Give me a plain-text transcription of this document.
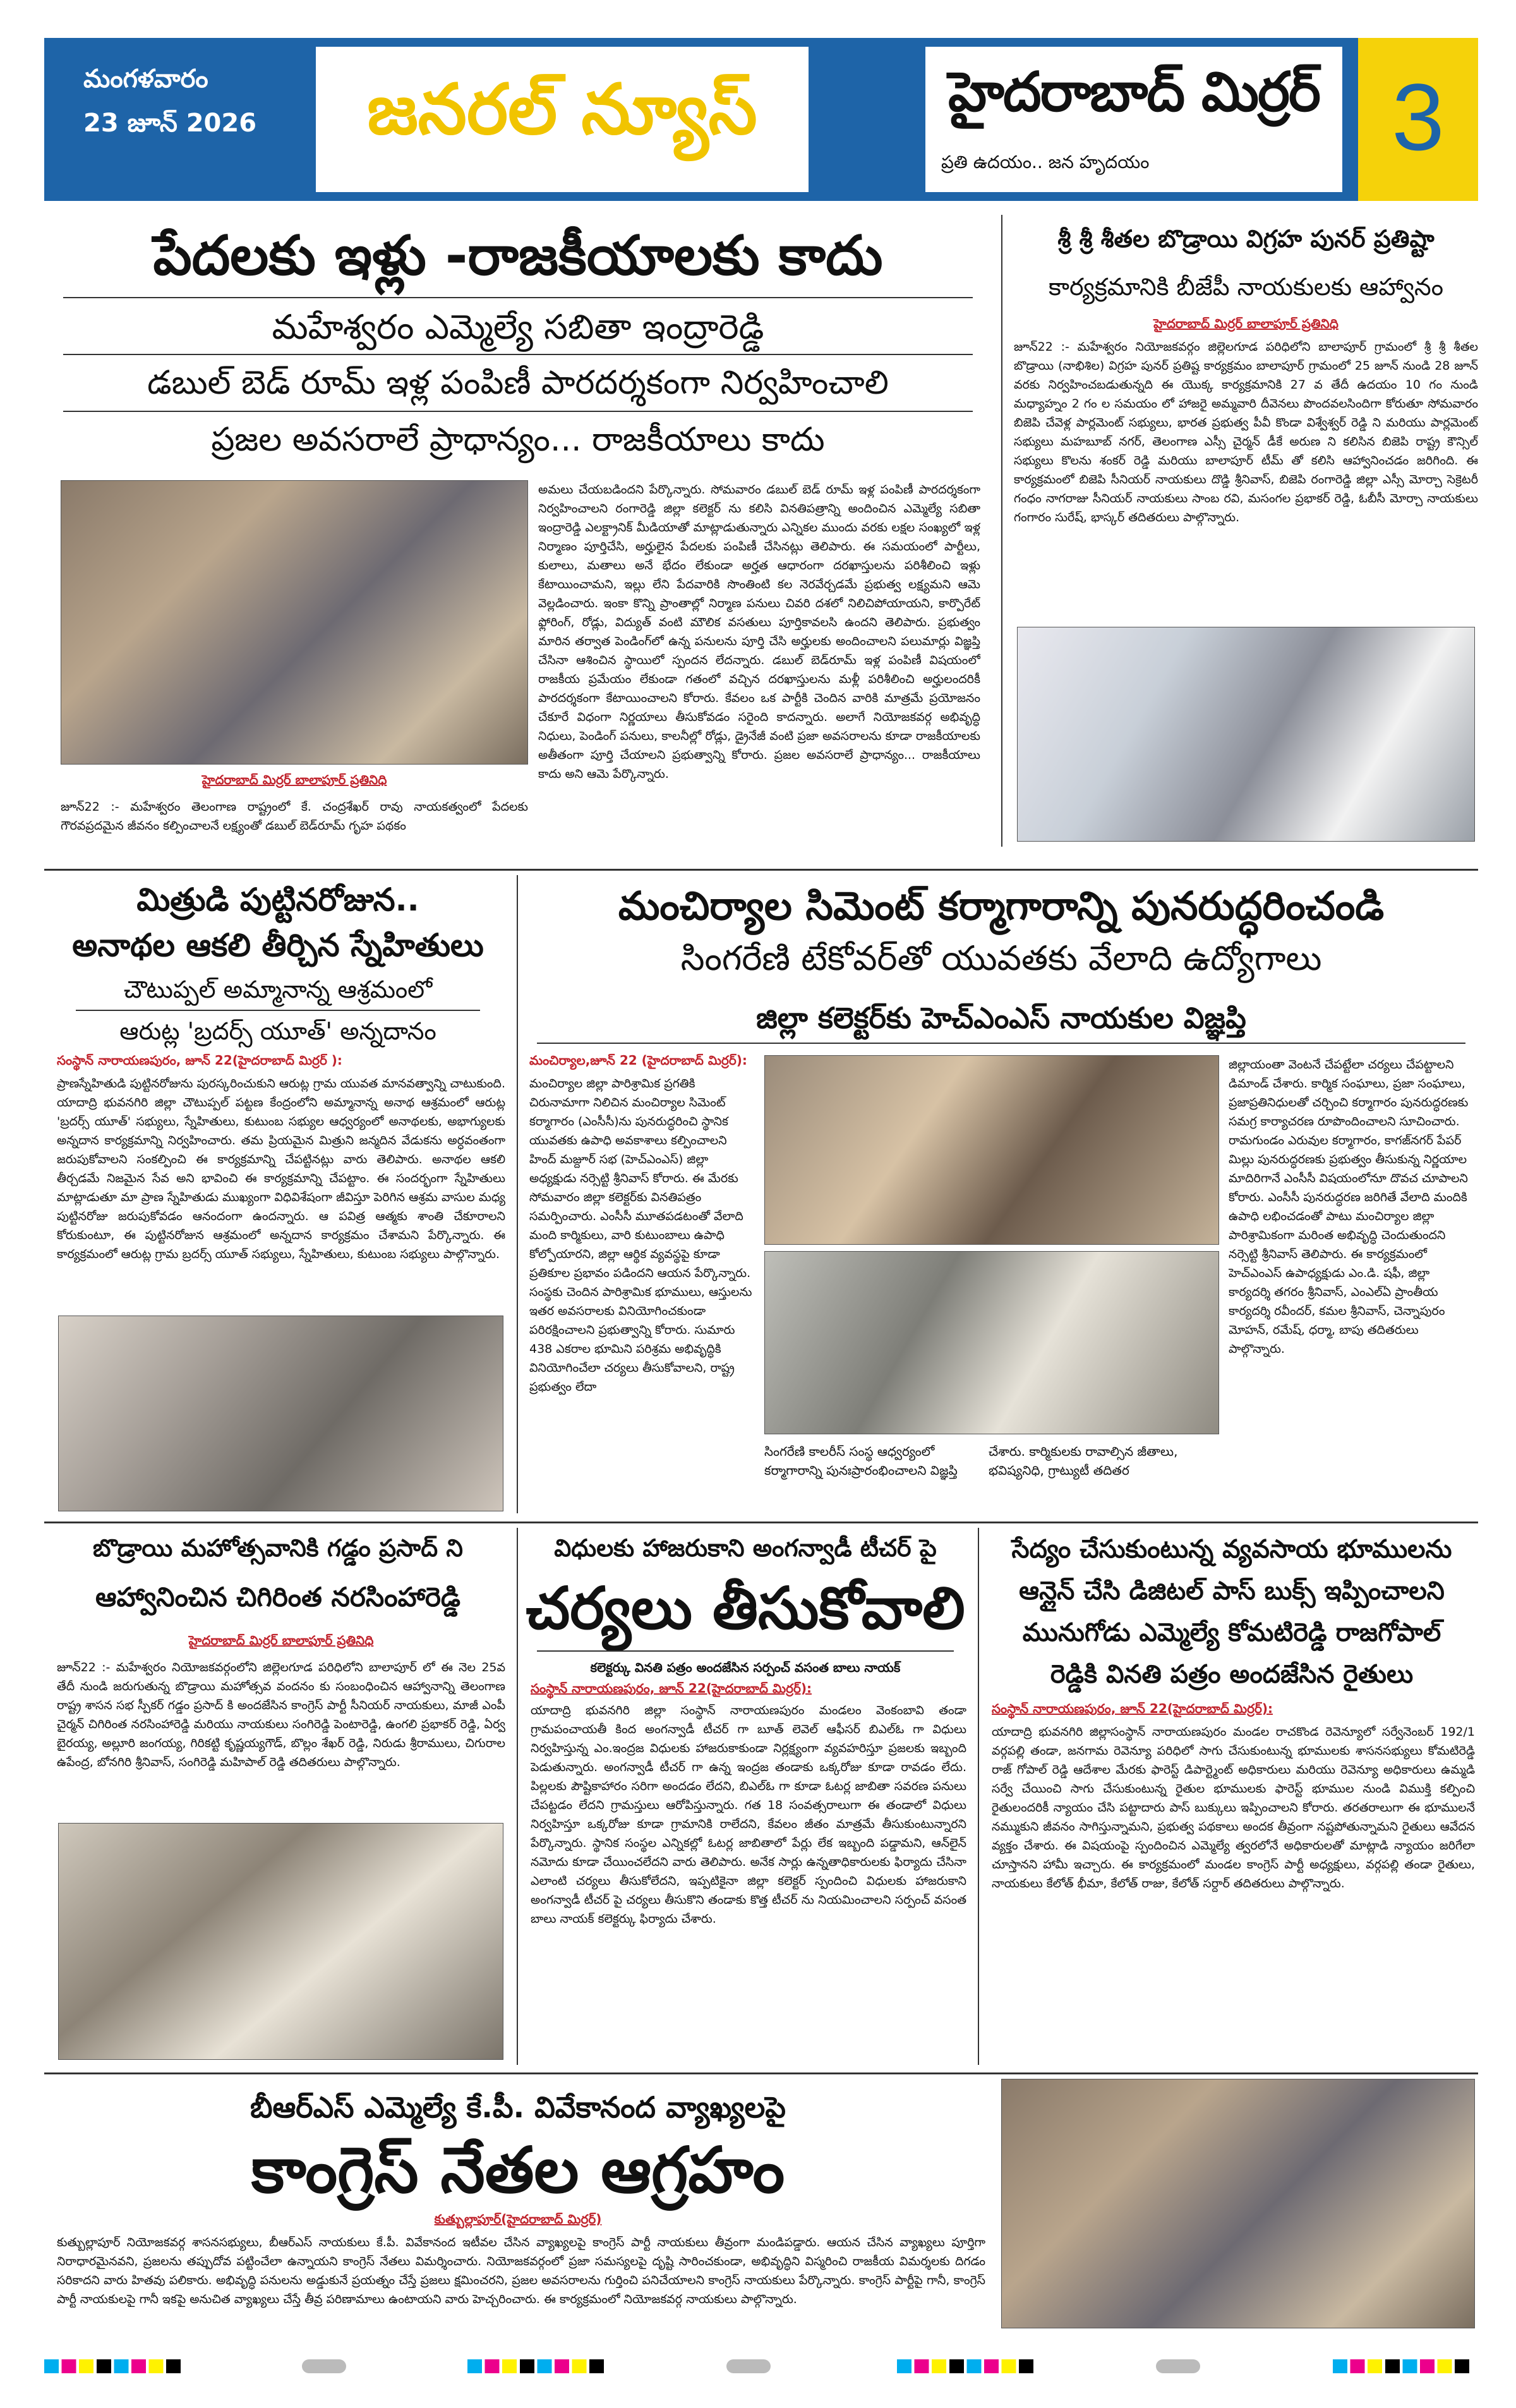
మంగళవారం
23 జూన్ 2026	జనరల్ న్యూస్	హైదరాబాద్ మిర్రర్
ప్రతి ఉదయం.. జన హృదయం	3
పేదలకు ఇళ్లు -రాజకీయాలకు కాదు
మహేశ్వరం ఎమ్మెల్యే సబితా ఇంద్రారెడ్డి
డబుల్ బెడ్ రూమ్ ఇళ్ల పంపిణీ పారదర్శకంగా నిర్వహించాలి
ప్రజల అవసరాలే ప్రాధాన్యం... రాజకీయాలు కాదు
హైదరాబాద్ మిర్రర్ బాలాపూర్ ప్రతినిధి
జూన్22 :- మహేశ్వరం తెలంగాణ రాష్ట్రంలో కే. చంద్రశేఖర్ రావు నాయకత్వంలో పేదలకు గౌరవప్రదమైన జీవనం కల్పించాలనే లక్ష్యంతో డబుల్ బెడ్‌రూమ్ గృహ పథకం
అమలు చేయబడిందని పేర్కొన్నారు. సోమవారం డబుల్ బెడ్ రూమ్ ఇళ్ల పంపిణీ పారదర్శకంగా నిర్వహించాలని రంగారెడ్డి జిల్లా కలెక్టర్ ను కలిసి వినతిపత్రాన్ని అందించిన ఎమ్మెల్యే సబితా ఇంద్రారెడ్డి ఎలక్ట్రానిక్ మీడియాతో మాట్లాడుతున్నారు ఎన్నికల ముందు వరకు లక్షల సంఖ్యలో ఇళ్ల నిర్మాణం పూర్తిచేసి, అర్హులైన పేదలకు పంపిణీ చేసినట్లు తెలిపారు. ఈ సమయంలో పార్టీలు, కులాలు, మతాలు అనే భేదం లేకుండా అర్హత ఆధారంగా దరఖాస్తులను పరిశీలించి ఇళ్లు కేటాయించామని, ఇల్లు లేని పేదవారికి సొంతింటి కల నెరవేర్చడమే ప్రభుత్వ లక్ష్యమని ఆమె వెల్లడించారు. ఇంకా కొన్ని ప్రాంతాల్లో నిర్మాణ పనులు చివరి దశలో నిలిచిపోయాయని, కార్పొరేట్ ఫ్లోరింగ్, రోడ్లు, విద్యుత్ వంటి మౌలిక వసతులు పూర్తికావలసి ఉందని తెలిపారు. ప్రభుత్వం మారిన తర్వాత పెండింగ్‌లో ఉన్న పనులను పూర్తి చేసి అర్హులకు అందించాలని పలుమార్లు విజ్ఞప్తి చేసినా ఆశించిన స్థాయిలో స్పందన లేదన్నారు. డబుల్ బెడ్‌రూమ్ ఇళ్ల పంపిణీ విషయంలో రాజకీయ ప్రమేయం లేకుండా గతంలో వచ్చిన దరఖాస్తులను మళ్లీ పరిశీలించి అర్హులందరికీ పారదర్శకంగా కేటాయించాలని కోరారు. కేవలం ఒక పార్టీకి చెందిన వారికి మాత్రమే ప్రయోజనం చేకూరే విధంగా నిర్ణయాలు తీసుకోవడం సరైంది కాదన్నారు. అలాగే నియోజకవర్గ అభివృద్ధి నిధులు, పెండింగ్ పనులు, కాలనీల్లో రోడ్లు, డ్రైనేజీ వంటి ప్రజా అవసరాలను కూడా రాజకీయాలకు అతీతంగా పూర్తి చేయాలని ప్రభుత్వాన్ని కోరారు. ప్రజల అవసరాలే ప్రాధాన్యం... రాజకీయాలు కాదు అని ఆమె పేర్కొన్నారు.
శ్రీ శ్రీ శీతల బొడ్రాయి విగ్రహ పునర్ ప్రతిష్టా
కార్యక్రమానికి బీజేపీ నాయకులకు ఆహ్వానం
హైదరాబాద్ మిర్రర్ బాలాపూర్ ప్రతినిధి
జూన్22 :- మహేశ్వరం నియోజకవర్గం జిల్లెలగూడ పరిధిలోని బాలాపూర్ గ్రామంలో శ్రీ శ్రీ శీతల బొడ్రాయి (నాభిశిల) విగ్రహ పునర్ ప్రతిష్ట కార్యక్రమం బాలాపూర్ గ్రామంలో 25 జూన్ నుండి 28 జూన్ వరకు నిర్వహించబడుతున్నది ఈ యొక్క కార్యక్రమానికి 27 వ తేదీ ఉదయం 10 గం నుండి మధ్యాహ్నం 2 గం ల సమయం లో హాజరై అమ్మవారి దీవెనలు పొందవలసిందిగా కోరుతూ సోమవారం బిజెపి చేవెళ్ల పార్లమెంట్ సభ్యులు, భారత ప్రభుత్వ పీవీ కొండా విశ్వేశ్వర్ రెడ్డి ని మరియు పార్లమెంట్ సభ్యులు మహబూబ్ నగర్, తెలంగాణ ఎస్సీ చైర్మన్ డీకే అరుణ ని కలిసిన బిజెపి రాష్ట్ర కౌన్సిల్ సభ్యులు కొలను శంకర్ రెడ్డి మరియు బాలాపూర్ టీమ్ తో కలిసి ఆహ్వానించడం జరిగింది. ఈ కార్యక్రమంలో బిజెపి సీనియర్ నాయకులు దొడ్డి శ్రీనివాస్, బిజెపి రంగారెడ్డి జిల్లా ఎస్సీ మోర్చా సెక్రెటరీ గంధం నాగరాజు సీనియర్ నాయకులు సాంబ రవి, మసంగల ప్రభాకర్ రెడ్డి, ఓబీసీ మోర్చా నాయకులు గంగారం సురేష్, భాస్కర్ తదితరులు పాల్గొన్నారు.
మిత్రుడి పుట్టినరోజున..
అనాథల ఆకలి తీర్చిన స్నేహితులు
చౌటుప్పల్ అమ్మానాన్న ఆశ్రమంలో
ఆరుట్ల 'బ్రదర్స్ యూత్' అన్నదానం
సంస్థాన్ నారాయణపురం, జూన్ 22(హైదరాబాద్ మిర్రర్ ):
ప్రాణస్నేహితుడి పుట్టినరోజును పురస్కరించుకుని ఆరుట్ల గ్రామ యువత మానవత్వాన్ని చాటుకుంది. యాదాద్రి భువనగిరి జిల్లా చౌటుప్పల్ పట్టణ కేంద్రంలోని అమ్మానాన్న అనాథ ఆశ్రమంలో ఆరుట్ల 'బ్రదర్స్ యూత్' సభ్యులు, స్నేహితులు, కుటుంబ సభ్యుల ఆధ్వర్యంలో అనాథలకు, అభాగ్యులకు అన్నదాన కార్యక్రమాన్ని నిర్వహించారు. తమ ప్రియమైన మిత్రుని జన్మదిన వేడుకను అర్ధవంతంగా జరుపుకోవాలని సంకల్పించి ఈ కార్యక్రమాన్ని చేపట్టినట్లు వారు తెలిపారు. అనాథల ఆకలి తీర్చడమే నిజమైన సేవ అని భావించి ఈ కార్యక్రమాన్ని చేపట్టాం. ఈ సందర్భంగా స్నేహితులు మాట్లాడుతూ మా ప్రాణ స్నేహితుడు ముఖ్యంగా విధివిశేషంగా జీవిస్తూ పెరిగిన ఆశ్రమ వాసుల మధ్య పుట్టినరోజు జరుపుకోవడం ఆనందంగా ఉందన్నారు. ఆ పవిత్ర ఆత్మకు శాంతి చేకూరాలని కోరుకుంటూ, ఈ పుట్టినరోజున ఆశ్రమంలో అన్నదాన కార్యక్రమం చేశామని పేర్కొన్నారు. ఈ కార్యక్రమంలో ఆరుట్ల గ్రామ బ్రదర్స్ యూత్ సభ్యులు, స్నేహితులు, కుటుంబ సభ్యులు పాల్గొన్నారు.
మంచిర్యాల సిమెంట్ కర్మాగారాన్ని పునరుద్ధరించండి
సింగరేణి టేకోవర్‌తో యువతకు వేలాది ఉద్యోగాలు
జిల్లా కలెక్టర్‌కు హెచ్‌ఎంఎస్ నాయకుల విజ్ఞప్తి
మంచిర్యాల,జూన్ 22 (హైదరాబాద్ మిర్రర్):
మంచిర్యాల జిల్లా పారిశ్రామిక ప్రగతికి చిరునామాగా నిలిచిన మంచిర్యాల సిమెంట్ కర్మాగారం (ఎంసీసీ)ను పునరుద్ధరించి స్థానిక యువతకు ఉపాధి అవకాశాలు కల్పించాలని హింద్ మజ్దూర్ సభ (హెచ్‌ఎంఎస్) జిల్లా అధ్యక్షుడు నర్సెట్టి శ్రీనివాస్ కోరారు. ఈ మేరకు సోమవారం జిల్లా కలెక్టర్‌కు వినతిపత్రం సమర్పించారు. ఎంసీసీ మూతపడటంతో వేలాది మంది కార్మికులు, వారి కుటుంబాలు ఉపాధి కోల్పోయారని, జిల్లా ఆర్థిక వ్యవస్థపై కూడా ప్రతికూల ప్రభావం పడిందని ఆయన పేర్కొన్నారు. సంస్థకు చెందిన పారిశ్రామిక భూములు, ఆస్తులను ఇతర అవసరాలకు వినియోగించకుండా పరిరక్షించాలని ప్రభుత్వాన్ని కోరారు. సుమారు 438 ఎకరాల భూమిని పరిశ్రమ అభివృద్ధికి వినియోగించేలా చర్యలు తీసుకోవాలని, రాష్ట్ర ప్రభుత్వం లేదా
సింగరేణి కాలరీస్ సంస్థ ఆధ్వర్యంలో కర్మాగారాన్ని పునఃప్రారంభించాలని విజ్ఞప్తి
చేశారు. కార్మికులకు రావాల్సిన జీతాలు, భవిష్యనిధి, గ్రాట్యుటీ తదితర
జిల్లాయంతా వెంటనే చేపట్టేలా చర్యలు చేపట్టాలని డిమాండ్ చేశారు. కార్మిక సంఘాలు, ప్రజా సంఘాలు, ప్రజాప్రతినిధులతో చర్చించి కర్మాగారం పునరుద్ధరణకు సమగ్ర కార్యాచరణ రూపొందించాలని సూచించారు. రామగుండం ఎరువుల కర్మాగారం, కాగజ్‌నగర్ పేపర్ మిల్లు పునరుద్ధరణకు ప్రభుత్వం తీసుకున్న నిర్ణయాల మాదిరిగానే ఎంసీసీ విషయంలోనూ దొవచ చూపాలని కోరారు. ఎంసీసీ పునరుద్ధరణ జరిగితే వేలాది మందికి ఉపాధి లభించడంతో పాటు మంచిర్యాల జిల్లా పారిశ్రామికంగా మరింత అభివృద్ధి చెందుతుందని నర్సెట్టి శ్రీనివాస్ తెలిపారు. ఈ కార్యక్రమంలో హెచ్ఎంఎస్ ఉపాధ్యక్షుడు ఎం.డి. షఫీ, జిల్లా కార్యదర్శి తగరం శ్రీనివాస్, ఎంఎల్ఏ ప్రాంతీయ కార్యదర్శి రవీందర్, కమల శ్రీనివాస్, చెన్నాపురం మోహన్, రమేష్, ధర్మా, బాపు తదితరులు పాల్గొన్నారు.
బొడ్రాయి మహోత్సవానికి గడ్డం ప్రసాద్ ని
ఆహ్వానించిన చిగిరింత నరసింహారెడ్డి
హైదరాబాద్ మిర్రర్ బాలాపూర్ ప్రతినిధి
జూన్22 :- మహేశ్వరం నియోజకవర్గంలోని జిల్లెలగూడ పరిధిలోని బాలాపూర్ లో ఈ నెల 25వ తేదీ నుండి జరుగుతున్న బొడ్రాయి మహోత్సవ వందనం కు సంబంధించిన ఆహ్వానాన్ని తెలంగాణ రాష్ట్ర శాసన సభ స్పీకర్ గడ్డం ప్రసాద్ కి అందజేసిన కాంగ్రెస్ పార్టీ సీనియర్ నాయకులు, మాజీ ఎంపీ చైర్మన్ చిగిరింత నరసింహారెడ్డి మరియు నాయకులు సంగిరెడ్డి పెంటారెడ్డి, ఉంగలి ప్రభాకర్ రెడ్డి, ఏర్వ బైరయ్య, అల్లూరి జంగయ్య, గిరికట్టి కృష్ణయ్యగౌడ్, బొల్లం శేఖర్ రెడ్డి, నిరుడు శ్రీరాములు, చిగురాల ఉపేంద్ర, బోనగిరి శ్రీనివాస్, సంగిరెడ్డి మహిపాల్ రెడ్డి తదితరులు పాల్గొన్నారు.
విధులకు హాజరుకాని అంగన్వాడీ టీచర్ పై
చర్యలు తీసుకోవాలి
కలెక్టర్కు వినతి పత్రం అందజేసిన సర్పంచ్ వసంత బాలు నాయక్
సంస్థాన్ నారాయణపురం, జూన్ 22(హైదరాబాద్ మిర్రర్):
యాదాద్రి భువనగిరి జిల్లా సంస్థాన్ నారాయణపురం మండలం వెంకంబావి తండా గ్రామపంచాయతీ కింద అంగన్వాడీ టీచర్ గా బూత్ లెవెల్ ఆఫీసర్ బిఎల్ఓ గా విధులు నిర్వహిస్తున్న ఎం.ఇంద్రజ విధులకు హాజరుకాకుండా నిర్లక్ష్యంగా వ్యవహరిస్తూ ప్రజలకు ఇబ్బంది పెడుతున్నారు. అంగన్వాడీ టీచర్ గా ఉన్న ఇంద్రజ తండాకు ఒక్కరోజు కూడా రావడం లేదు. పిల్లలకు పౌష్టికాహారం సరిగా అందడం లేదని, బిఎల్ఓ గా కూడా ఓటర్ల జాబితా సవరణ పనులు చేపట్టడం లేదని గ్రామస్తులు ఆరోపిస్తున్నారు. గత 18 సంవత్సరాలుగా ఈ తండాలో విధులు నిర్వహిస్తూ ఒక్కరోజు కూడా గ్రామానికి రాలేదని, కేవలం జీతం మాత్రమే తీసుకుంటున్నారని పేర్కొన్నారు. స్థానిక సంస్థల ఎన్నికల్లో ఓటర్ల జాబితాలో పేర్లు లేక ఇబ్బంది పడ్డామని, ఆన్‌లైన్ నమోదు కూడా చేయించలేదని వారు తెలిపారు. అనేక సార్లు ఉన్నతాధికారులకు ఫిర్యాదు చేసినా ఎలాంటి చర్యలు తీసుకోలేదని, ఇప్పటికైనా జిల్లా కలెక్టర్ స్పందించి విధులకు హాజరుకాని అంగన్వాడీ టీచర్ పై చర్యలు తీసుకొని తండాకు కొత్త టీచర్ ను నియమించాలని సర్పంచ్ వసంత బాలు నాయక్ కలెక్టర్కు ఫిర్యాదు చేశారు.
సేద్యం చేసుకుంటున్న వ్యవసాయ భూములను
ఆన్లైన్ చేసి డిజిటల్ పాస్ బుక్స్ ఇప్పించాలని
మునుగోడు ఎమ్మెల్యే కోమటిరెడ్డి రాజగోపాల్
రెడ్డికి వినతి పత్రం అందజేసిన రైతులు
సంస్థాన్ నారాయణపురం, జూన్ 22(హైదరాబాద్ మిర్రర్):
యాదాద్రి భువనగిరి జిల్లాసంస్థాన్ నారాయణపురం మండల రాచకొండ రెవెన్యూలో సర్వేనెంబర్ 192/1 వర్గపల్లి తండా, జనగామ రెవెన్యూ పరిధిలో సాగు చేసుకుంటున్న భూములకు శాసనసభ్యులు కోమటిరెడ్డి రాజ్ గోపాల్ రెడ్డి ఆదేశాల మేరకు ఫారెస్ట్ డిపార్ట్మెంట్ అధికారులు మరియు రెవెన్యూ అధికారులు ఉమ్మడి సర్వే చేయించి సాగు చేసుకుంటున్న రైతుల భూములకు ఫారెస్ట్ భూముల నుండి విముక్తి కల్పించి రైతులందరికీ న్యాయం చేసి పట్టాదారు పాస్ బుక్కులు ఇప్పించాలని కోరారు. తరతరాలుగా ఈ భూములనే నమ్ముకుని జీవనం సాగిస్తున్నామని, ప్రభుత్వ పథకాలు అందక తీవ్రంగా నష్టపోతున్నామని రైతులు ఆవేదన వ్యక్తం చేశారు. ఈ విషయంపై స్పందించిన ఎమ్మెల్యే త్వరలోనే అధికారులతో మాట్లాడి న్యాయం జరిగేలా చూస్తానని హామీ ఇచ్చారు. ఈ కార్యక్రమంలో మండల కాంగ్రెస్ పార్టీ అధ్యక్షులు, వర్గపల్లి తండా రైతులు, నాయకులు కేలోత్ భీమా, కేలోత్ రాజు, కేలోత్ సర్దార్ తదితరులు పాల్గొన్నారు.
బీఆర్ఎస్ ఎమ్మెల్యే కే.పీ. వివేకానంద వ్యాఖ్యలపై
కాంగ్రెస్ నేతల ఆగ్రహం
కుత్బుల్లాపూర్(హైదరాబాద్ మిర్రర్)
కుత్బుల్లాపూర్ నియోజకవర్గ శాసనసభ్యులు, బీఆర్ఎస్ నాయకులు కే.పీ. వివేకానంద ఇటీవల చేసిన వ్యాఖ్యలపై కాంగ్రెస్ పార్టీ నాయకులు తీవ్రంగా మండిపడ్డారు. ఆయన చేసిన వ్యాఖ్యలు పూర్తిగా నిరాధారమైనవని, ప్రజలను తప్పుదోవ పట్టించేలా ఉన్నాయని కాంగ్రెస్ నేతలు విమర్శించారు. నియోజకవర్గంలో ప్రజా సమస్యలపై దృష్టి సారించకుండా, అభివృద్ధిని విస్మరించి రాజకీయ విమర్శలకు దిగడం సరికాదని వారు హితవు పలికారు. అభివృద్ధి పనులను అడ్డుకునే ప్రయత్నం చేస్తే ప్రజలు క్షమించరని, ప్రజల అవసరాలను గుర్తించి పనిచేయాలని కాంగ్రెస్ నాయకులు పేర్కొన్నారు. కాంగ్రెస్ పార్టీపై గానీ, కాంగ్రెస్ పార్టీ నాయకులపై గానీ ఇకపై అనుచిత వ్యాఖ్యలు చేస్తే తీవ్ర పరిణామాలు ఉంటాయని వారు హెచ్చరించారు. ఈ కార్యక్రమంలో నియోజకవర్గ నాయకులు పాల్గొన్నారు.
